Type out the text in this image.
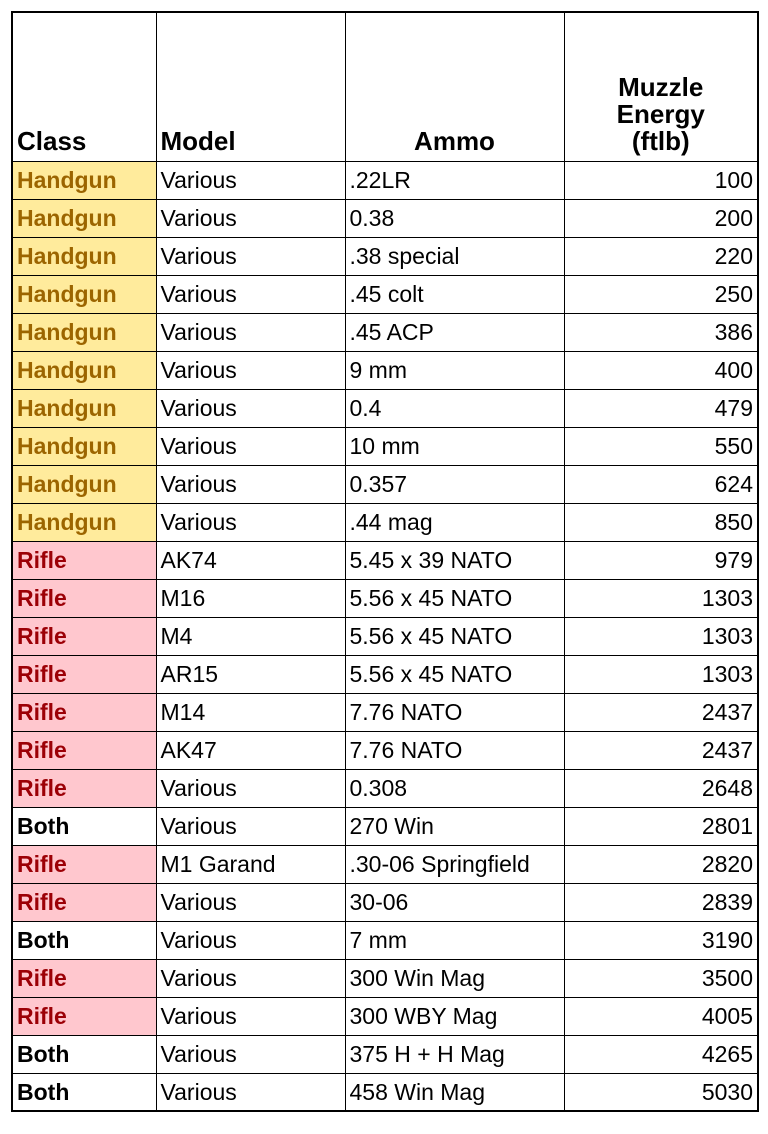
Class	Model	Ammo	Muzzle
Energy
(ftlb)
Handgun	Various	.22LR	100
Handgun	Various	0.38	200
Handgun	Various	.38 special	220
Handgun	Various	.45 colt	250
Handgun	Various	.45 ACP	386
Handgun	Various	9 mm	400
Handgun	Various	0.4	479
Handgun	Various	10 mm	550
Handgun	Various	0.357	624
Handgun	Various	.44 mag	850
Rifle	AK74	5.45 x 39 NATO	979
Rifle	M16	5.56 x 45 NATO	1303
Rifle	M4	5.56 x 45 NATO	1303
Rifle	AR15	5.56 x 45 NATO	1303
Rifle	M14	7.76 NATO	2437
Rifle	AK47	7.76 NATO	2437
Rifle	Various	0.308	2648
Both	Various	270 Win	2801
Rifle	M1 Garand	.30-06 Springfield	2820
Rifle	Various	30-06	2839
Both	Various	7 mm	3190
Rifle	Various	300 Win Mag	3500
Rifle	Various	300 WBY Mag	4005
Both	Various	375 H + H Mag	4265
Both	Various	458 Win Mag	5030
